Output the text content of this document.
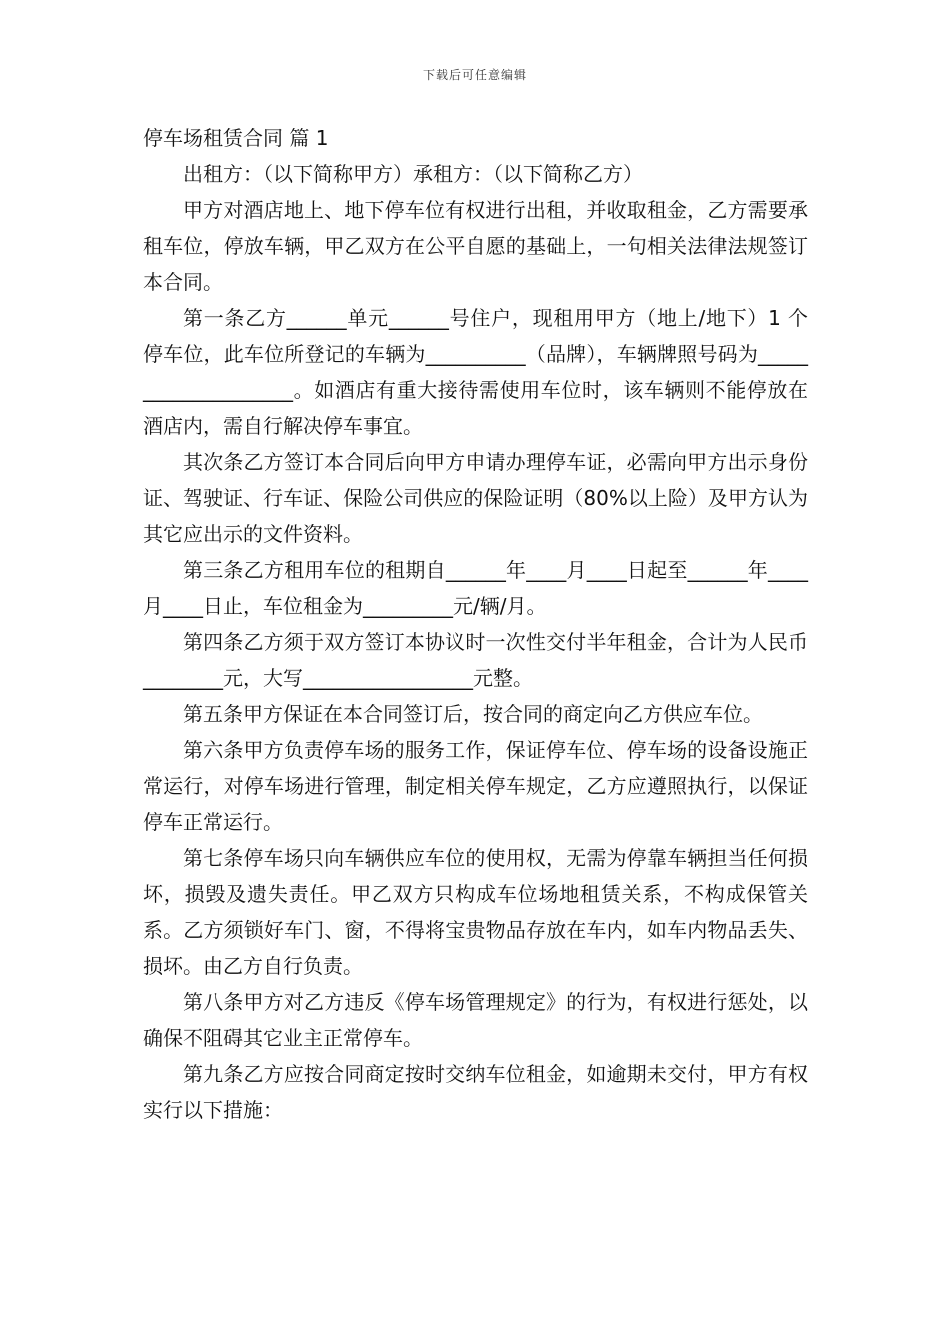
下载后可任意编辑

停车场租赁合同 篇 1

出租方：（以下简称甲方）承租方：（以下简称乙方）

甲方对酒店地上、地下停车位有权进行出租，并收取租金，乙方需要承租车位，停放车辆，甲乙双方在公平自愿的基础上，一句相关法律法规签订本合同。

第一条乙方______单元______号住户，现租用甲方（地上/地下）1 个停车位，此车位所登记的车辆为__________（品牌），车辆牌照号码为____________________。如酒店有重大接待需使用车位时，该车辆则不能停放在酒店内，需自行解决停车事宜。

其次条乙方签订本合同后向甲方申请办理停车证，必需向甲方出示身份证、驾驶证、行车证、保险公司供应的保险证明（80%以上险）及甲方认为其它应出示的文件资料。

第三条乙方租用车位的租期自______年____月____日起至______年____月____日止，车位租金为_________元/辆/月。

第四条乙方须于双方签订本协议时一次性交付半年租金，合计为人民币________元，大写_________________元整。

第五条甲方保证在本合同签订后，按合同的商定向乙方供应车位。

第六条甲方负责停车场的服务工作，保证停车位、停车场的设备设施正常运行，对停车场进行管理，制定相关停车规定，乙方应遵照执行，以保证停车正常运行。

第七条停车场只向车辆供应车位的使用权，无需为停靠车辆担当任何损坏，损毁及遗失责任。甲乙双方只构成车位场地租赁关系，不构成保管关系。乙方须锁好车门、窗，不得将宝贵物品存放在车内，如车内物品丢失、损坏。由乙方自行负责。

第八条甲方对乙方违反《停车场管理规定》的行为，有权进行惩处，以确保不阻碍其它业主正常停车。

第九条乙方应按合同商定按时交纳车位租金，如逾期未交付，甲方有权实行以下措施：
